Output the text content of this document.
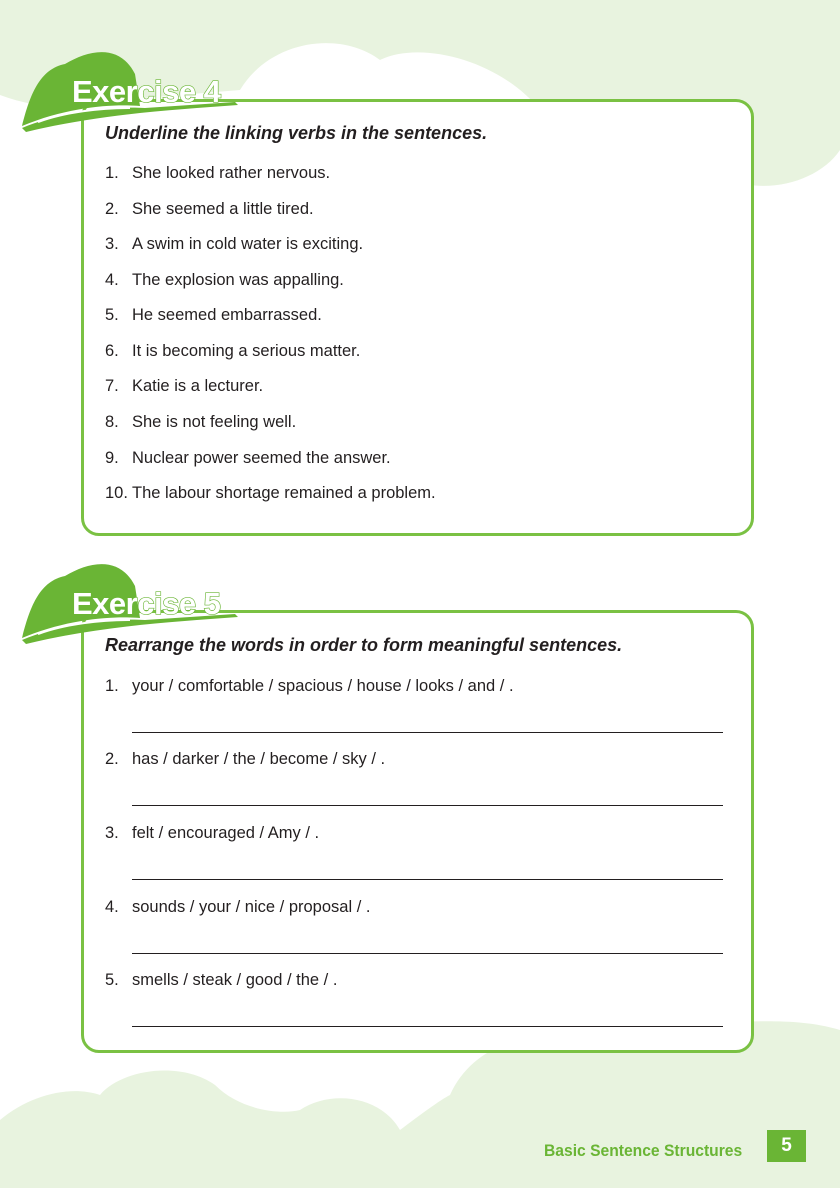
Exercise 4
Exercise 5
Underline the linking verbs in the sentences.
1. She looked rather nervous.
2. She seemed a little tired.
3. A swim in cold water is exciting.
4. The explosion was appalling.
5. He seemed embarrassed.
6. It is becoming a serious matter.
7. Katie is a lecturer.
8. She is not feeling well.
9. Nuclear power seemed the answer.
10. The labour shortage remained a problem.
Rearrange the words in order to form meaningful sentences.
1. your / comfortable / spacious / house / looks / and / .
2. has / darker / the / become / sky / .
3. felt / encouraged / Amy / .
4. sounds / your / nice / proposal / .
5. smells / steak / good / the / .
Basic Sentence Structures	5
